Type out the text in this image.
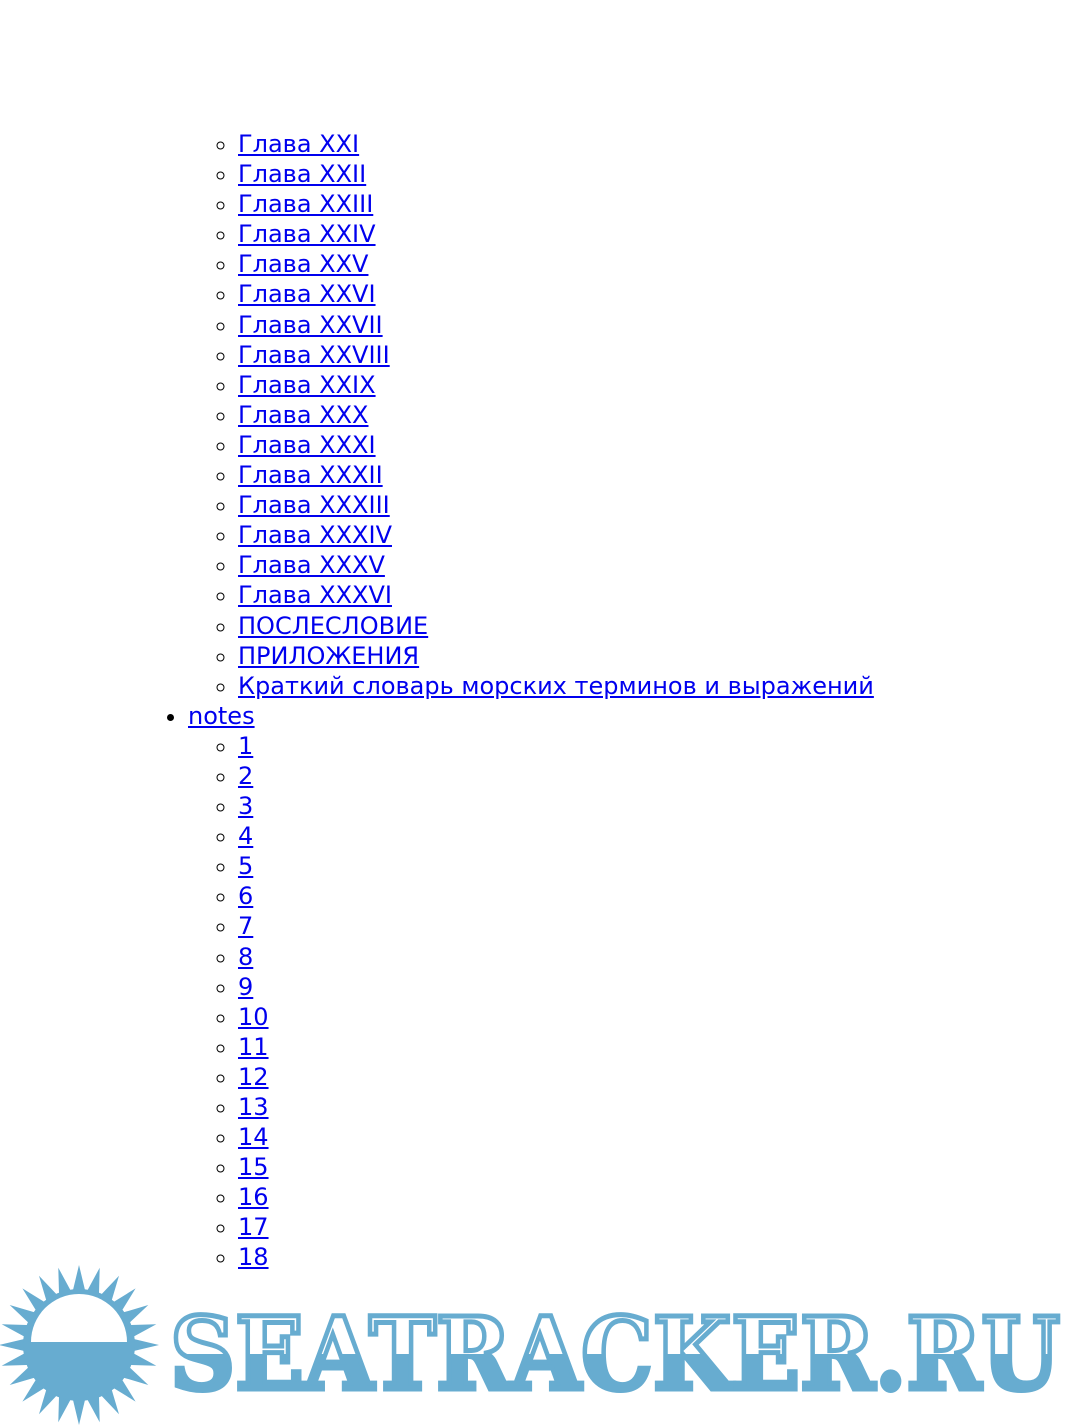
◦ Глава XXI
◦ Глава XXII
◦ Глава XXIII
◦ Глава XXIV
◦ Глава XXV
◦ Глава XXVI
◦ Глава XXVII
◦ Глава XXVIII
◦ Глава XXIX
◦ Глава XXX
◦ Глава XXXI
◦ Глава XXXII
◦ Глава XXXIII
◦ Глава XXXIV
◦ Глава XXXV
◦ Глава XXXVI
◦ ПОСЛЕСЛОВИЕ
◦ ПРИЛОЖЕНИЯ
◦ Краткий словарь морских терминов и выражений
• notes
◦ 1
◦ 2
◦ 3
◦ 4
◦ 5
◦ 6
◦ 7
◦ 8
◦ 9
◦ 10
◦ 11
◦ 12
◦ 13
◦ 14
◦ 15
◦ 16
◦ 17
◦ 18
SEATRACKER.RU
